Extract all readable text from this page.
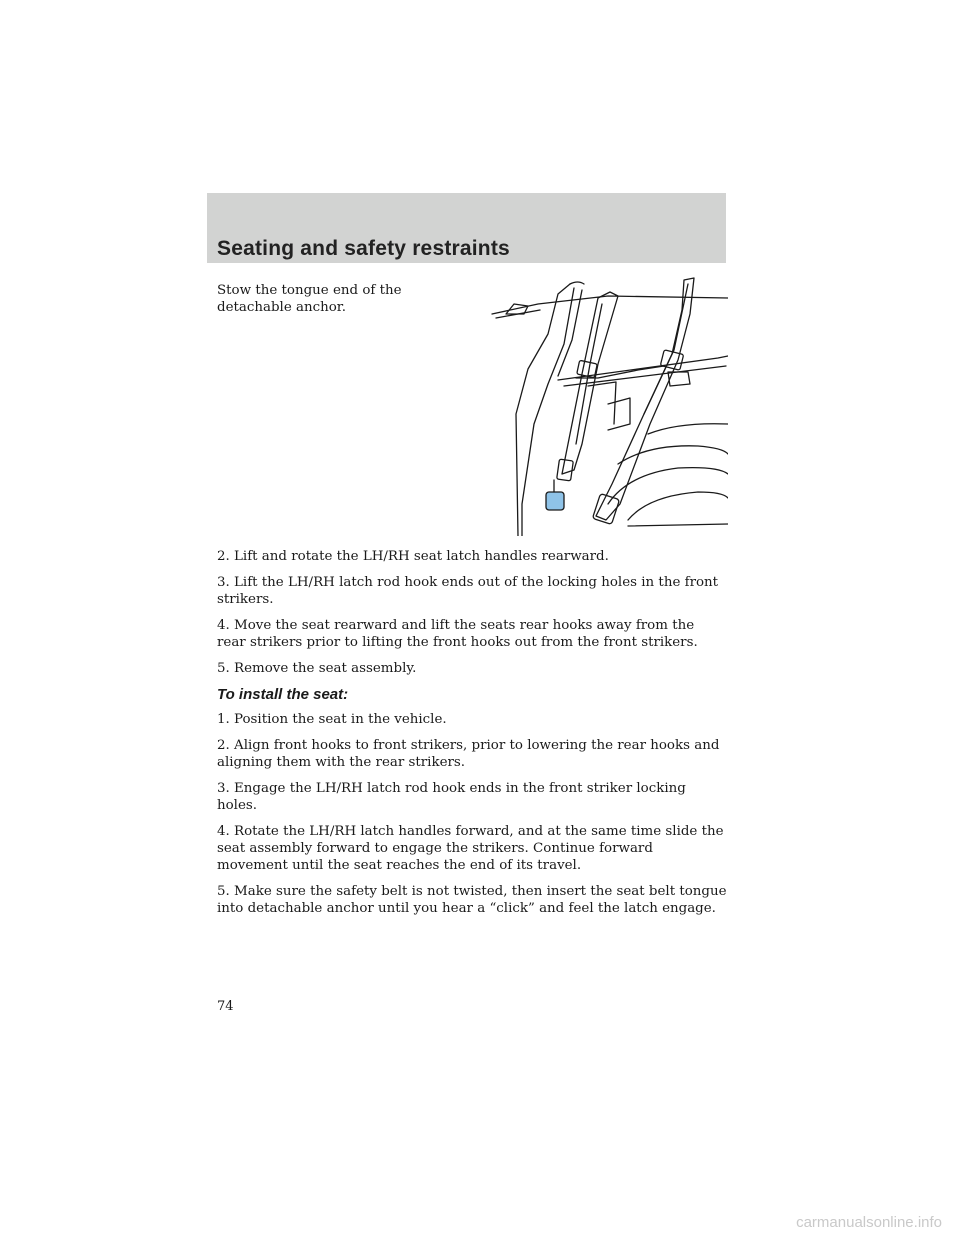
Seating and safety restraints

Stow the tongue end of the detachable anchor.

2. Lift and rotate the LH/RH seat latch handles rearward.

3. Lift the LH/RH latch rod hook ends out of the locking holes in the front strikers.

4. Move the seat rearward and lift the seats rear hooks away from the rear strikers prior to lifting the front hooks out from the front strikers.

5. Remove the seat assembly.

To install the seat:

1. Position the seat in the vehicle.

2. Align front hooks to front strikers, prior to lowering the rear hooks and aligning them with the rear strikers.

3. Engage the LH/RH latch rod hook ends in the front striker locking holes.

4. Rotate the LH/RH latch handles forward, and at the same time slide the seat assembly forward to engage the strikers. Continue forward movement until the seat reaches the end of its travel.

5. Make sure the safety belt is not twisted, then insert the seat belt tongue into detachable anchor until you hear a “click” and feel the latch engage.

74
carmanualsonline.info
